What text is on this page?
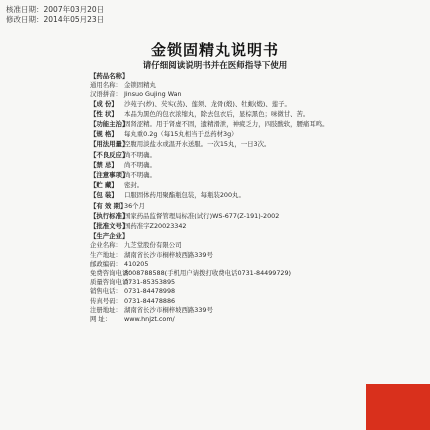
核准日期：2007年03月20日
修改日期：2014年05月23日
金锁固精丸说明书
请仔细阅读说明书并在医师指导下使用
【药品名称】
通用名称： 金锁固精丸
汉语拼音： Jinsuo Gujing Wan
【成 份】 沙苑子(炒)、芡实(蒸)、莲须、龙骨(煅)、牡蛎(煅)、莲子。
【性 状】 本品为黑色的包衣浓缩丸，除去包衣后，显棕黑色；味微甘、苦。
【功能主治】
固肾涩精。用于肾虚不固，遗精滑泄，神疲乏力，四肢酸软，腰痛耳鸣。
【规 格】 每丸重0.2g（每15丸相当于总药材3g）
【用法用量】
空腹用淡盐水或温开水送服。一次15丸，一日3次。
【不良反应】
尚不明确。
【禁 忌】 尚不明确。
【注意事项】
尚不明确。
【贮 藏】 密封。
【包 装】 口服固体药用聚酯瓶包装，每瓶装200丸。
【有 效 期】
36个月
【执行标准】
国家药品监督管理局标准(试行)WS-677(Z-191)-2002
【批准文号】
国药准字Z20023342
【生产企业】
企业名称： 九芝堂股份有限公司
生产地址： 湖南省长沙市桐梓坡西路339号
邮政编码： 410205
免费咨询电话：8008788588(手机用户请拨打收费电话0731-84499729)
质量咨询电话：0731-85353895
销售电话： 0731-84478998
传真号码： 0731-84478886
注册地址： 湖南省长沙市桐梓坡西路339号
网 址： www.hnjzt.com/
